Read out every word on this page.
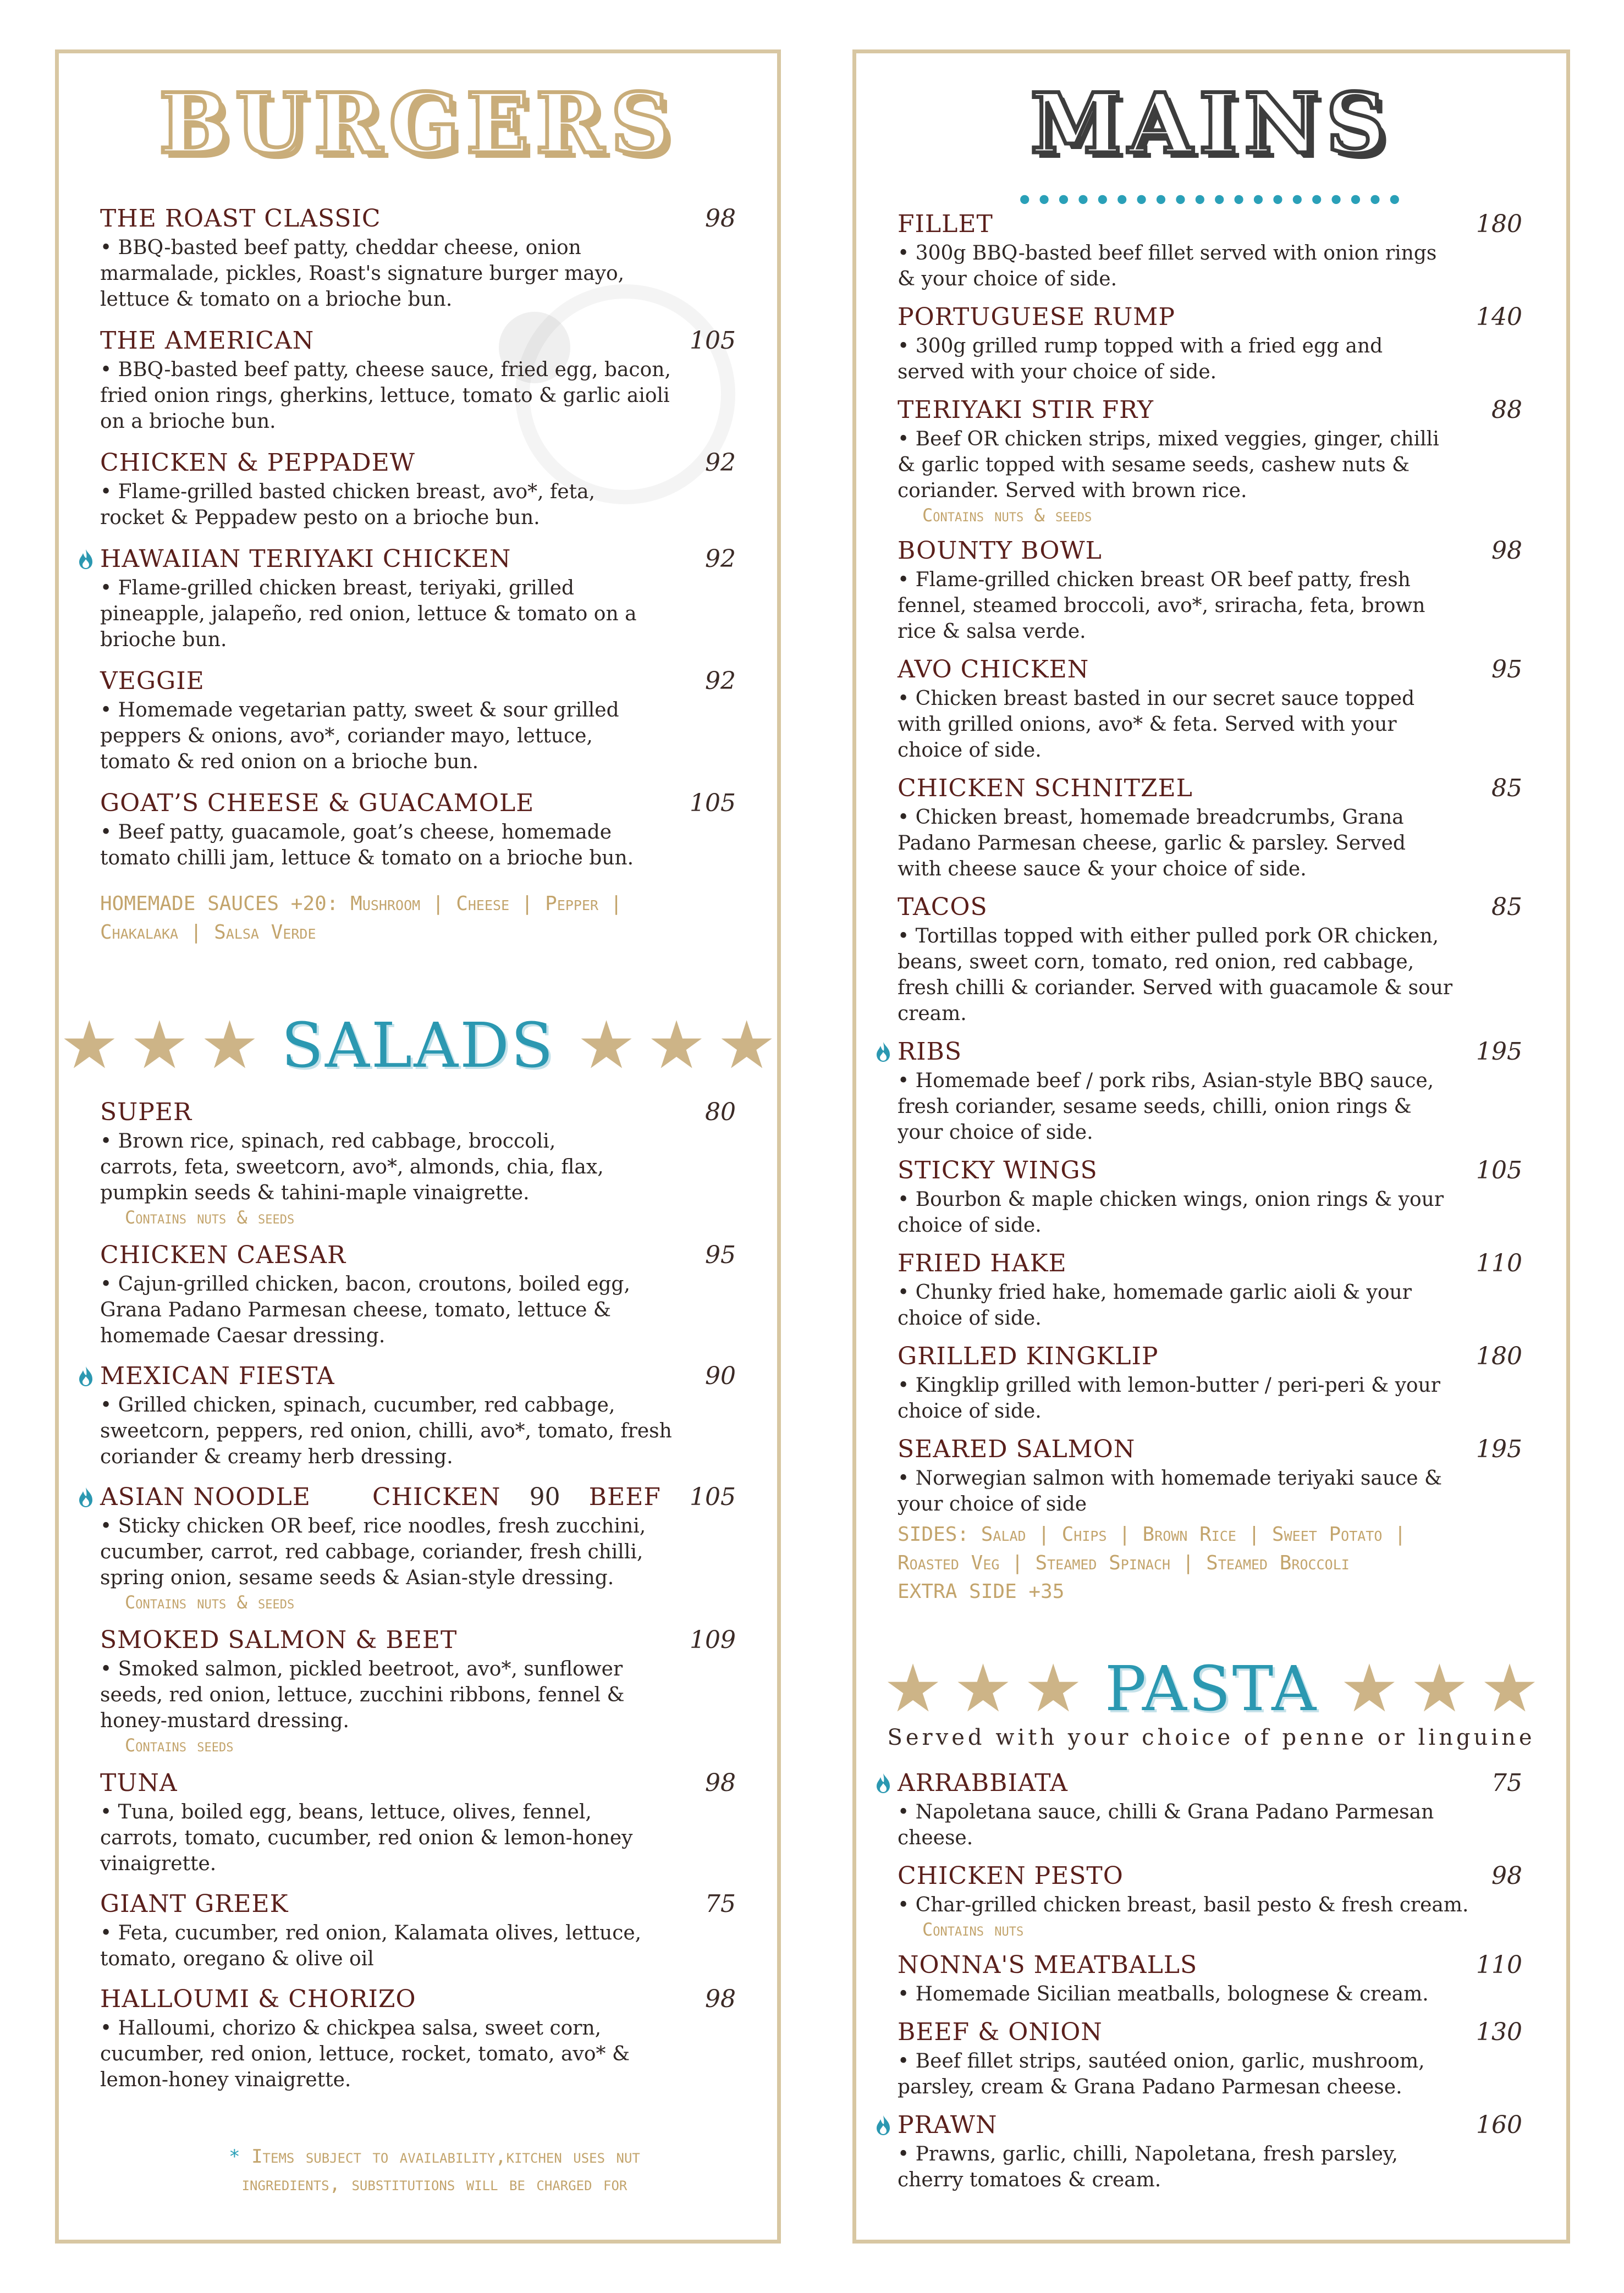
BURGERS
THE ROAST CLASSIC	98
• BBQ-basted beef patty, cheddar cheese, onion marmalade, pickles, Roast's signature burger mayo, lettuce & tomato on a brioche bun.
THE AMERICAN	105
• BBQ-basted beef patty, cheese sauce, fried egg, bacon, fried onion rings, gherkins, lettuce, tomato & garlic aioli on a brioche bun.
CHICKEN & PEPPADEW	92
• Flame-grilled basted chicken breast, avo*, feta, rocket & Peppadew pesto on a brioche bun.
HAWAIIAN TERIYAKI CHICKEN	92
• Flame-grilled chicken breast, teriyaki, grilled pineapple, jalapeño, red onion, lettuce & tomato on a brioche bun.
VEGGIE	92
• Homemade vegetarian patty, sweet & sour grilled peppers & onions, avo*, coriander mayo, lettuce, tomato & red onion on a brioche bun.
GOAT’S CHEESE & GUACAMOLE	105
• Beef patty, guacamole, goat’s cheese, homemade tomato chilli jam, lettuce & tomato on a brioche bun.
HOMEMADE SAUCES +20: Mushroom | Cheese | Pepper | Chakalaka | Salsa Verde
★ ★ ★ SALADS ★ ★ ★
SUPER	80
• Brown rice, spinach, red cabbage, broccoli, carrots, feta, sweetcorn, avo*, almonds, chia, flax, pumpkin seeds & tahini-maple vinaigrette.
Contains nuts & seeds
CHICKEN CAESAR	95
• Cajun-grilled chicken, bacon, croutons, boiled egg, Grana Padano Parmesan cheese, tomato, lettuce & homemade Caesar dressing.
MEXICAN FIESTA	90
• Grilled chicken, spinach, cucumber, red cabbage, sweetcorn, peppers, red onion, chilli, avo*, tomato, fresh coriander & creamy herb dressing.
ASIAN NOODLE	CHICKEN 90 BEEF 105
• Sticky chicken OR beef, rice noodles, fresh zucchini, cucumber, carrot, red cabbage, coriander, fresh chilli, spring onion, sesame seeds & Asian-style dressing.
Contains nuts & seeds
SMOKED SALMON & BEET	109
• Smoked salmon, pickled beetroot, avo*, sunflower seeds, red onion, lettuce, zucchini ribbons, fennel & honey-mustard dressing.
Contains seeds
TUNA	98
• Tuna, boiled egg, beans, lettuce, olives, fennel, carrots, tomato, cucumber, red onion & lemon-honey vinaigrette.
GIANT GREEK	75
• Feta, cucumber, red onion, Kalamata olives, lettuce, tomato, oregano & olive oil
HALLOUMI & CHORIZO	98
• Halloumi, chorizo & chickpea salsa, sweet corn, cucumber, red onion, lettuce, rocket, tomato, avo* & lemon-honey vinaigrette.
* Items subject to availability,kitchen uses nut
ingredients, substitutions will be charged for
MAINS
••••••••••••••••••••
FILLET	180
• 300g BBQ-basted beef fillet served with onion rings & your choice of side.
PORTUGUESE RUMP	140
• 300g grilled rump topped with a fried egg and served with your choice of side.
TERIYAKI STIR FRY	88
• Beef OR chicken strips, mixed veggies, ginger, chilli & garlic topped with sesame seeds, cashew nuts & coriander. Served with brown rice.
Contains nuts & seeds
BOUNTY BOWL	98
• Flame-grilled chicken breast OR beef patty, fresh fennel, steamed broccoli, avo*, sriracha, feta, brown rice & salsa verde.
AVO CHICKEN	95
• Chicken breast basted in our secret sauce topped with grilled onions, avo* & feta. Served with your choice of side.
CHICKEN SCHNITZEL	85
• Chicken breast, homemade breadcrumbs, Grana Padano Parmesan cheese, garlic & parsley. Served with cheese sauce & your choice of side.
TACOS	85
• Tortillas topped with either pulled pork OR chicken, beans, sweet corn, tomato, red onion, red cabbage, fresh chilli & coriander. Served with guacamole & sour cream.
RIBS	195
• Homemade beef / pork ribs, Asian-style BBQ sauce, fresh coriander, sesame seeds, chilli, onion rings & your choice of side.
STICKY WINGS	105
• Bourbon & maple chicken wings, onion rings & your choice of side.
FRIED HAKE	110
• Chunky fried hake, homemade garlic aioli & your choice of side.
GRILLED KINGKLIP	180
• Kingklip grilled with lemon-butter / peri-peri & your choice of side.
SEARED SALMON	195
• Norwegian salmon with homemade teriyaki sauce & your choice of side
SIDES: Salad | Chips | Brown Rice | Sweet Potato |
Roasted Veg | Steamed Spinach | Steamed Broccoli
EXTRA SIDE +35
★ ★ ★ PASTA ★ ★ ★
Served with your choice of penne or linguine
ARRABBIATA	75
• Napoletana sauce, chilli & Grana Padano Parmesan cheese.
CHICKEN PESTO	98
• Char-grilled chicken breast, basil pesto & fresh cream.
Contains nuts
NONNA'S MEATBALLS	110
• Homemade Sicilian meatballs, bolognese & cream.
BEEF & ONION	130
• Beef fillet strips, sautéed onion, garlic, mushroom, parsley, cream & Grana Padano Parmesan cheese.
PRAWN	160
• Prawns, garlic, chilli, Napoletana, fresh parsley, cherry tomatoes & cream.
